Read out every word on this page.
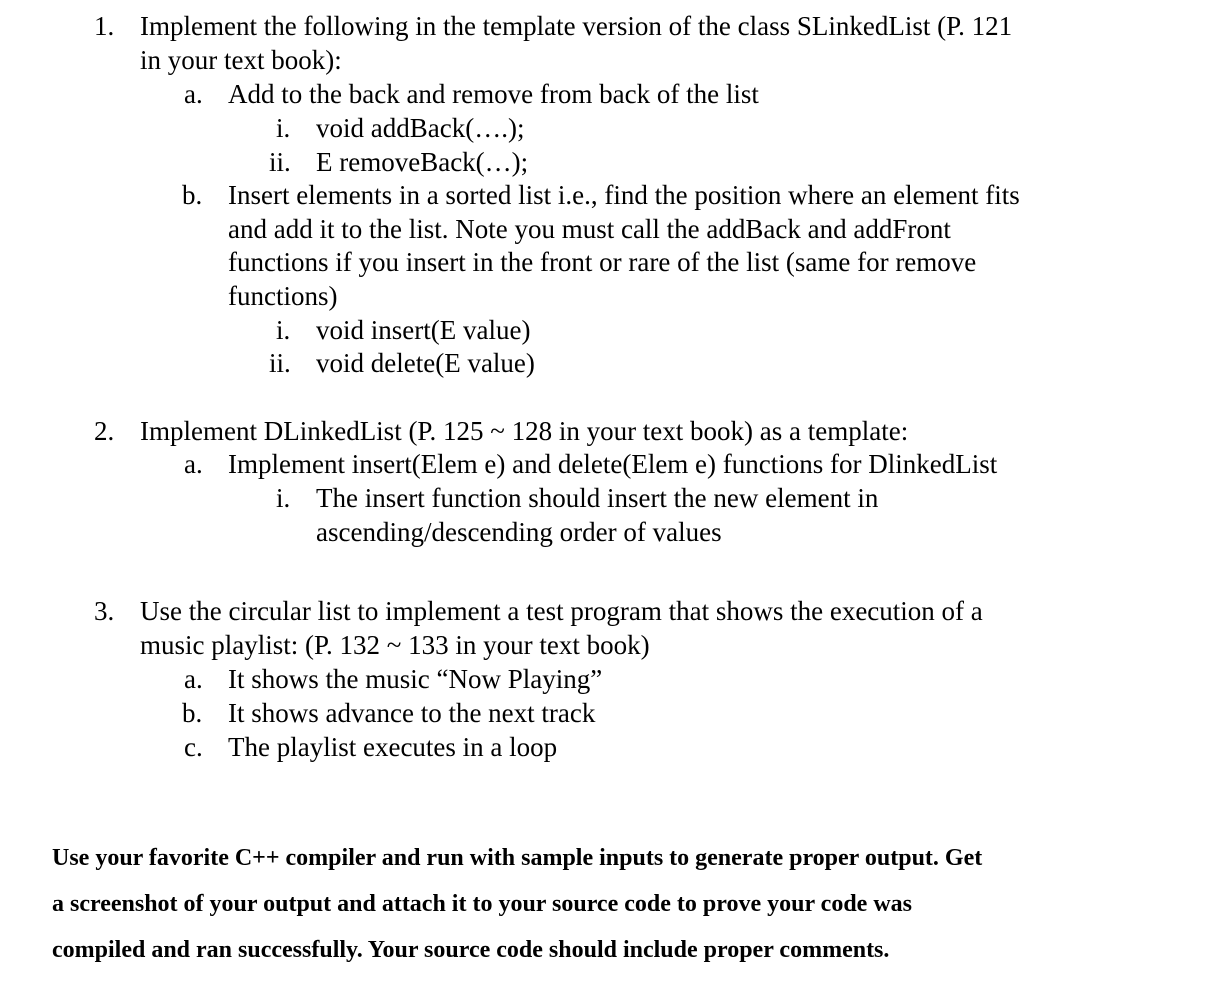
1. Implement the following in the template version of the class SLinkedList (P. 121
in your text book):
a. Add to the back and remove from back of the list
i. void addBack(….);
ii. E removeBack(…);
b. Insert elements in a sorted list i.e., find the position where an element fits
and add it to the list. Note you must call the addBack and addFront
functions if you insert in the front or rare of the list (same for remove
functions)
i. void insert(E value)
ii. void delete(E value)
2. Implement DLinkedList (P. 125 ~ 128 in your text book) as a template:
a. Implement insert(Elem e) and delete(Elem e) functions for DlinkedList
i. The insert function should insert the new element in
ascending/descending order of values
3. Use the circular list to implement a test program that shows the execution of a
music playlist: (P. 132 ~ 133 in your text book)
a. It shows the music “Now Playing”
b. It shows advance to the next track
c. The playlist executes in a loop
Use your favorite C++ compiler and run with sample inputs to generate proper output. Get
a screenshot of your output and attach it to your source code to prove your code was
compiled and ran successfully. Your source code should include proper comments.
